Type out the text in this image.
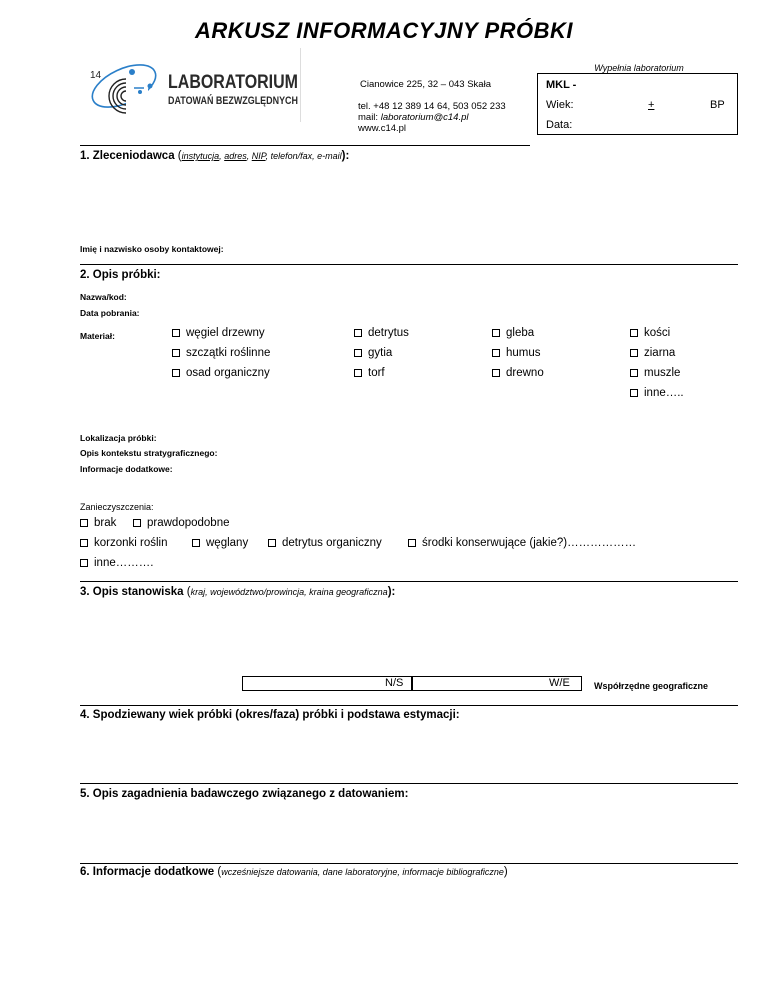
ARKUSZ INFORMACYJNY PRÓBKI
14	LABORATORIUM
DATOWAŃ BEZWZGLĘDNYCH
Cianowice 225, 32 – 043 Skała
tel. +48 12 389 14 64, 503 052 233
mail: laboratorium@c14.pl
www.c14.pl
Wypełnia laboratorium
MKL -
Wiek:	+	BP
Data:
1. Zleceniodawca (instytucja, adres, NIP, telefon/fax, e-mail):
Imię i nazwisko osoby kontaktowej:
2. Opis próbki:
Nazwa/kod:
Data pobrania:
Materiał:	węgiel drzewny
szczątki roślinne
osad organiczny
detrytus
gytia
torf
gleba
humus
drewno
kości
ziarna
muszle
inne…..
Lokalizacja próbki:
Opis kontekstu stratygraficznego:
Informacje dodatkowe:
Zanieczyszczenia:
brak	prawdopodobne
korzonki roślin	węglany	detrytus organiczny	środki konserwujące (jakie?)………………
inne……….
3. Opis stanowiska (kraj, województwo/prowincja, kraina geograficzna):
N/S	W/E	Współrzędne geograficzne
4. Spodziewany wiek próbki (okres/faza) próbki i podstawa estymacji:
5. Opis zagadnienia badawczego związanego z datowaniem:
6. Informacje dodatkowe (wcześniejsze datowania, dane laboratoryjne, informacje bibliograficzne)
